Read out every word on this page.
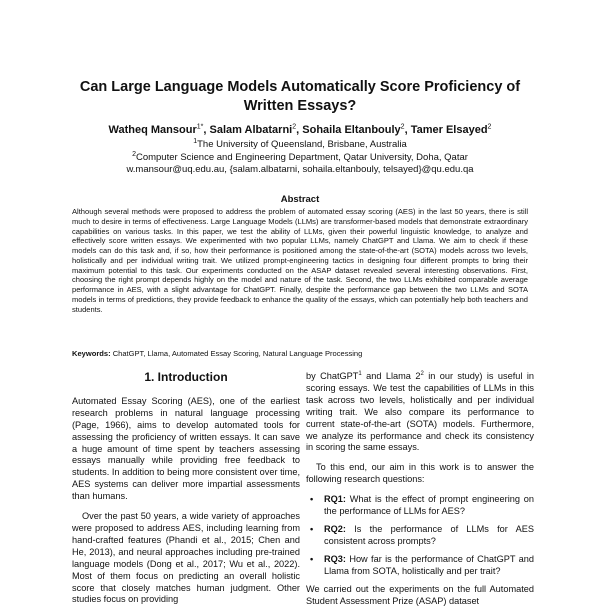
Can Large Language Models Automatically Score Proficiency of
Written Essays?
Watheq Mansour$^{1*}$, Salam Albatarni$^2$, Sohaila Eltanbouly$^2$, Tamer Elsayed$^2$
$^1$The University of Queensland, Brisbane, Australia
$^2$Computer Science and Engineering Department, Qatar University, Doha, Qatar
w.mansour@uq.edu.au, {salam.albatarni, sohaila.eltanbouly, telsayed}@qu.edu.qa
Abstract
Although several methods were proposed to address the problem of automated essay scoring (AES) in the last 50 years, there is still much to desire in terms of effectiveness. Large Language Models (LLMs) are transformer-based models that demonstrate extraordinary capabilities on various tasks. In this paper, we test the ability of LLMs, given their powerful linguistic knowledge, to analyze and effectively score written essays. We experimented with two popular LLMs, namely ChatGPT and Llama. We aim to check if these models can do this task and, if so, how their performance is positioned among the state-of-the-art (SOTA) models across two levels, holistically and per individual writing trait. We utilized prompt-engineering tactics in designing four different prompts to bring their maximum potential to this task. Our experiments conducted on the ASAP dataset revealed several interesting observations. First, choosing the right prompt depends highly on the model and nature of the task. Second, the two LLMs exhibited comparable average performance in AES, with a slight advantage for ChatGPT. Finally, despite the performance gap between the two LLMs and SOTA models in terms of predictions, they provide feedback to enhance the quality of the essays, which can potentially help both teachers and students.
Keywords: ChatGPT, Llama, Automated Essay Scoring, Natural Language Processing
1. Introduction

Automated Essay Scoring (AES), one of the earliest research problems in natural language processing (Page, 1966), aims to develop automated tools for assessing the proficiency of written essays. It can save a huge amount of time spent by teachers assessing essays manually while providing free feedback to students. In addition to being more consistent over time, AES systems can deliver more impartial assessments than humans.

Over the past 50 years, a wide variety of approaches were proposed to address AES, including learning from hand-crafted features (Phandi et al., 2015; Chen and He, 2013), and neural approaches including pre-trained language models (Dong et al., 2017; Wu et al., 2022). Most of them focus on predicting an overall holistic score that closely matches human judgment. Other studies focus on providing

by ChatGPT$^1$ and Llama $2^2$ in our study) is useful in scoring essays. We test the capabilities of LLMs in this task across two levels, holistically and per individual writing trait. We also compare its performance to current state-of-the-art (SOTA) models. Furthermore, we analyze its performance and check its consistency in scoring the same essays.

To this end, our aim in this work is to answer the following research questions:

• RQ1: What is the effect of prompt engineering on the performance of LLMs for AES?
• RQ2: Is the performance of LLMs for AES consistent across prompts?
• RQ3: How far is the performance of ChatGPT and Llama from SOTA, holistically and per trait?

We carried out the experiments on the full Automated Student Assessment Prize (ASAP) dataset
